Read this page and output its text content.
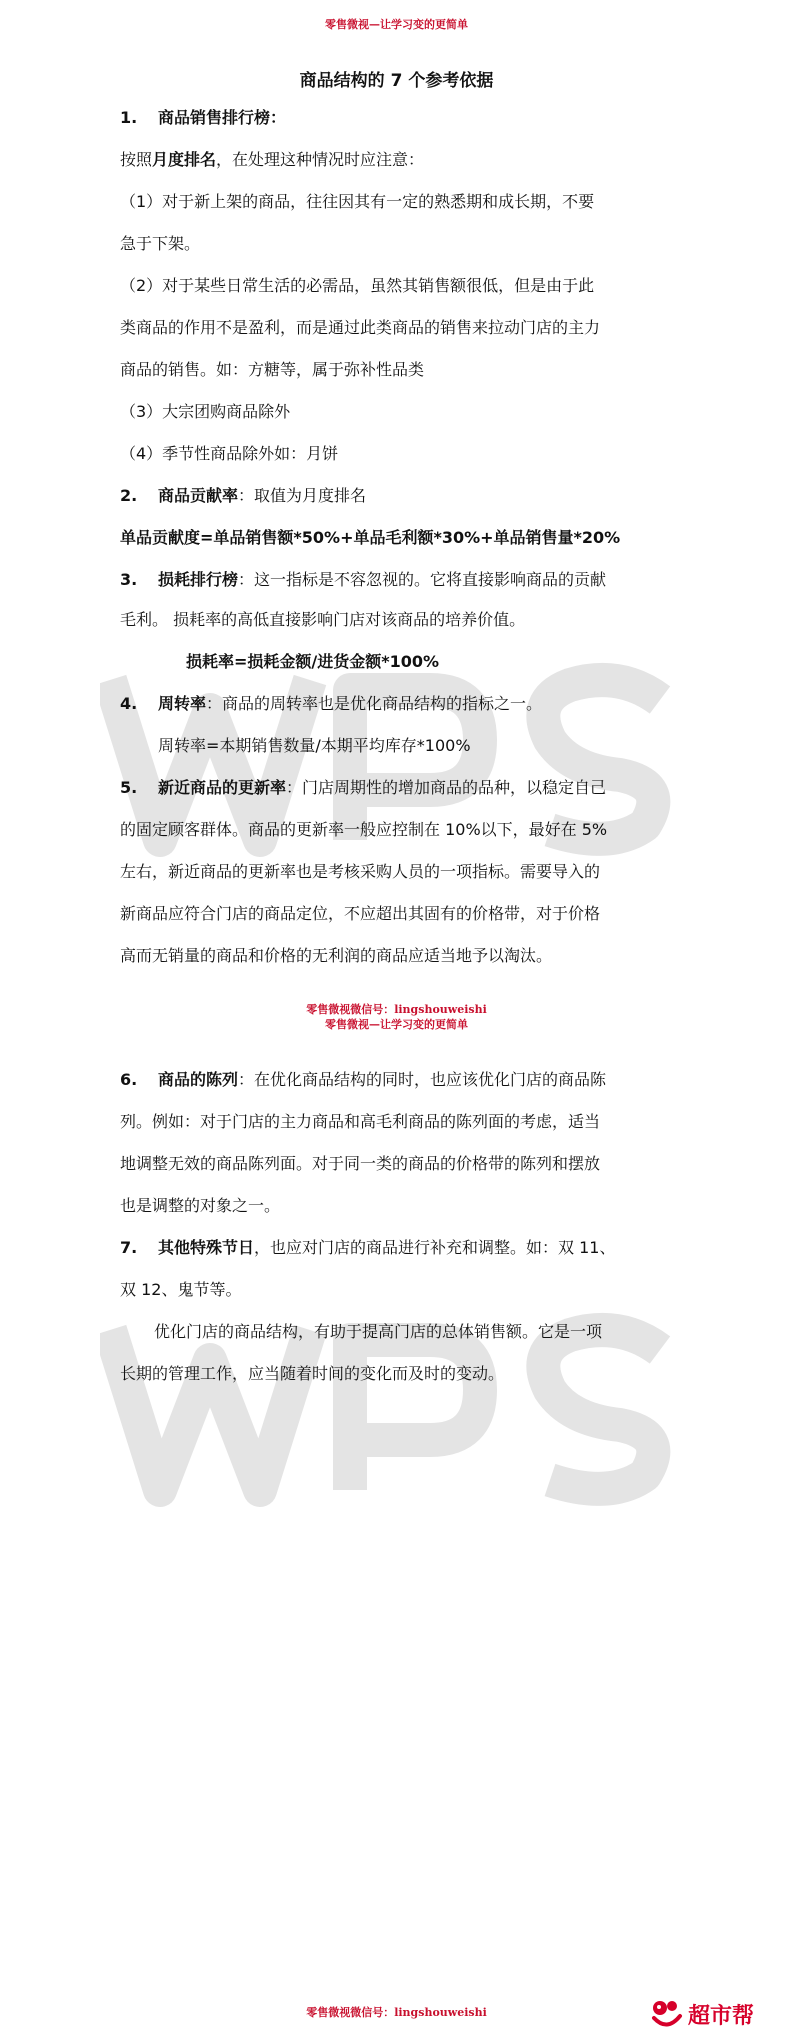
零售微视—让学习变的更简单
商品结构的 7 个参考依据
1. 商品销售排行榜：
按照月度排名，在处理这种情况时应注意：
（1）对于新上架的商品，往往因其有一定的熟悉期和成长期，不要
急于下架。
（2）对于某些日常生活的必需品，虽然其销售额很低，但是由于此
类商品的作用不是盈利，而是通过此类商品的销售来拉动门店的主力
商品的销售。如：方糖等，属于弥补性品类
（3）大宗团购商品除外
（4）季节性商品除外如：月饼
2. 商品贡献率：取值为月度排名
单品贡献度=单品销售额*50%+单品毛利额*30%+单品销售量*20%
3. 损耗排行榜：这一指标是不容忽视的。它将直接影响商品的贡献
毛利。 损耗率的高低直接影响门店对该商品的培养价值。
损耗率=损耗金额/进货金额*100%
4. 周转率：商品的周转率也是优化商品结构的指标之一。
周转率=本期销售数量/本期平均库存*100%
5. 新近商品的更新率：门店周期性的增加商品的品种，以稳定自己
的固定顾客群体。商品的更新率一般应控制在 10%以下，最好在 5%
左右，新近商品的更新率也是考核采购人员的一项指标。需要导入的
新商品应符合门店的商品定位，不应超出其固有的价格带，对于价格
高而无销量的商品和价格的无利润的商品应适当地予以淘汰。
零售微视微信号：lingshouweishi
零售微视—让学习变的更简单
6. 商品的陈列：在优化商品结构的同时，也应该优化门店的商品陈
列。例如：对于门店的主力商品和高毛利商品的陈列面的考虑，适当
地调整无效的商品陈列面。对于同一类的商品的价格带的陈列和摆放
也是调整的对象之一。
7. 其他特殊节日，也应对门店的商品进行补充和调整。如：双 11、
双 12、鬼节等。
优化门店的商品结构，有助于提高门店的总体销售额。它是一项
长期的管理工作，应当随着时间的变化而及时的变动。
零售微视微信号：lingshouweishi	超市帮
